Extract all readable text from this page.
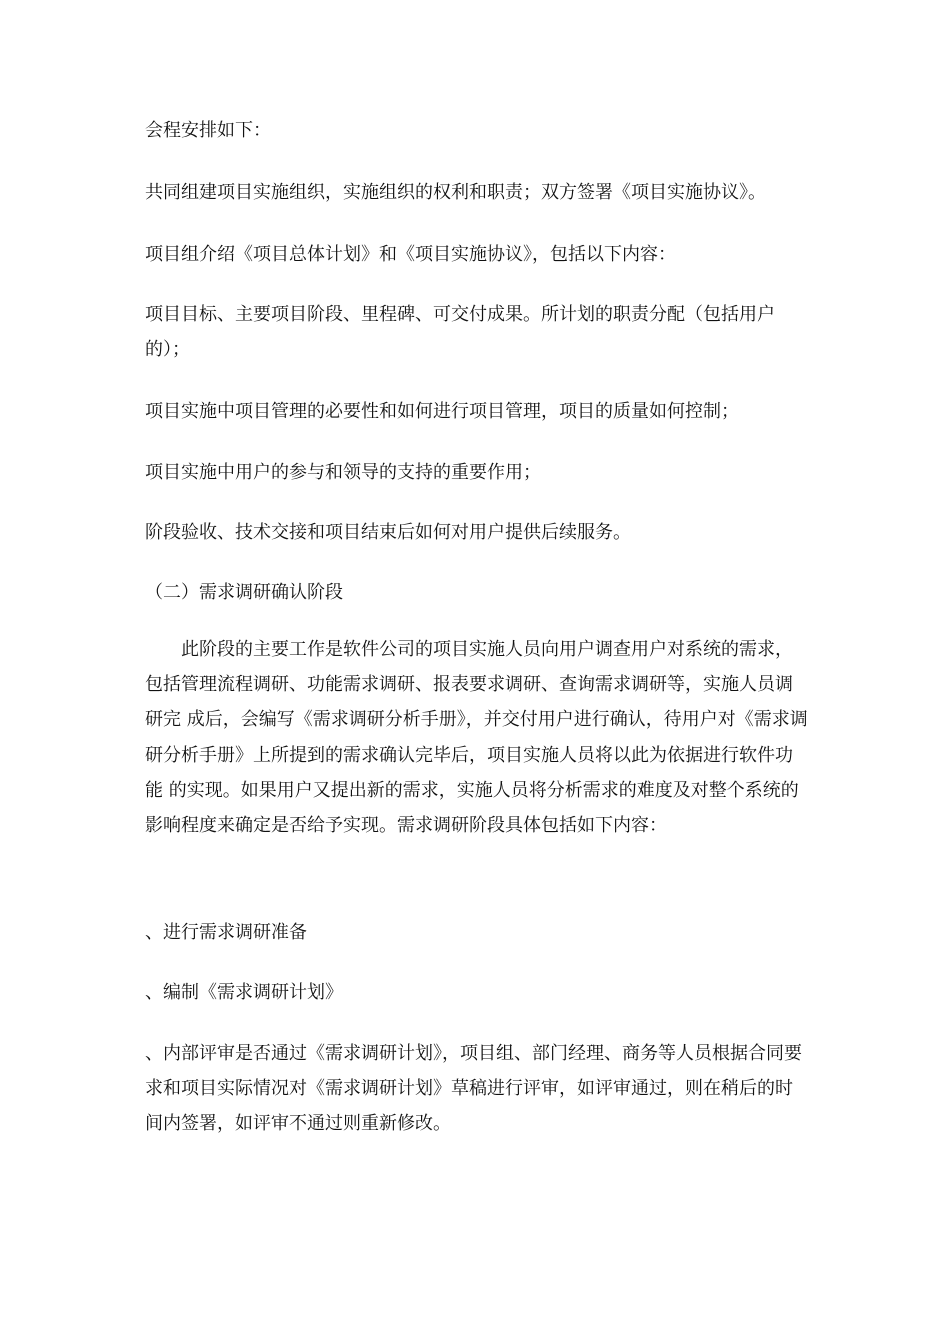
会程安排如下：

共同组建项目实施组织，实施组织的权利和职责；双方签署《项目实施协议》。

项目组介绍《项目总体计划》和《项目实施协议》，包括以下内容：

项目目标、主要项目阶段、里程碑、可交付成果。所计划的职责分配（包括用户的）；

项目实施中项目管理的必要性和如何进行项目管理，项目的质量如何控制；

项目实施中用户的参与和领导的支持的重要作用；

阶段验收、技术交接和项目结束后如何对用户提供后续服务。

（二）需求调研确认阶段

此阶段的主要工作是软件公司的项目实施人员向用户调查用户对系统的需求，包括管理流程调研、功能需求调研、报表要求调研、查询需求调研等，实施人员调研完 成后，会编写《需求调研分析手册》，并交付用户进行确认，待用户对《需求调研分析手册》上所提到的需求确认完毕后，项目实施人员将以此为依据进行软件功能 的实现。如果用户又提出新的需求，实施人员将分析需求的难度及对整个系统的影响程度来确定是否给予实现。需求调研阶段具体包括如下内容：

、进行需求调研准备

、编制《需求调研计划》

、内部评审是否通过《需求调研计划》，项目组、部门经理、商务等人员根据合同要求和项目实际情况对《需求调研计划》草稿进行评审，如评审通过，则在稍后的时间内签署，如评审不通过则重新修改。
